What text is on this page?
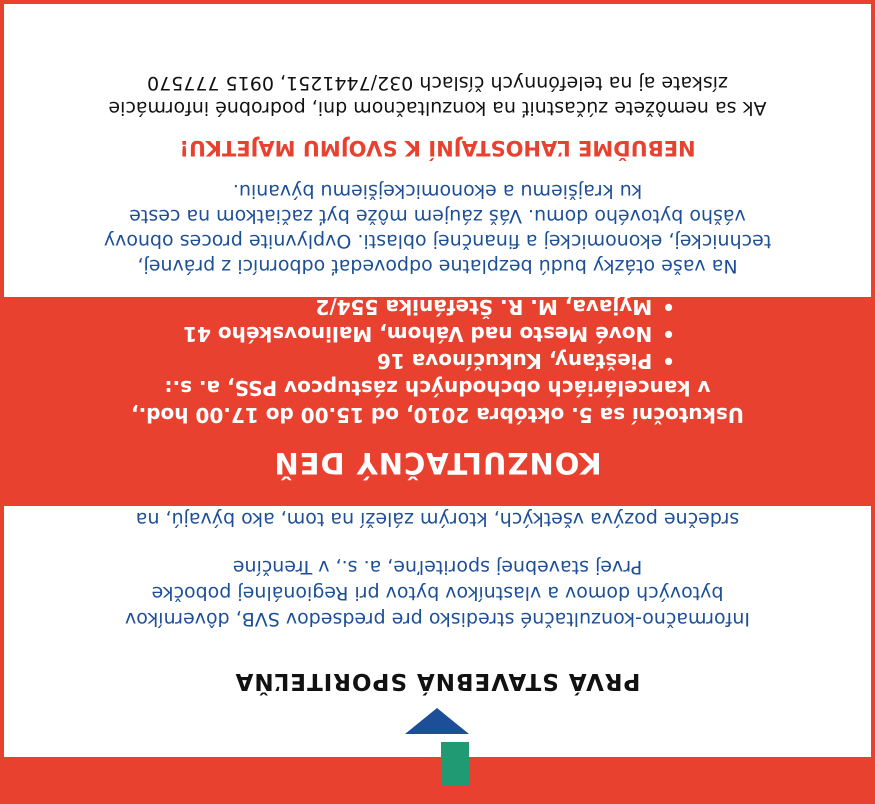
PRVÁ STAVEBNÁ SPORITEĽŇA
Informačno-konzultačné stredisko pre predsedov SVB, dôverníkov
bytových domov a vlastníkov bytov pri Regionálnej pobočke
Prvej stavebnej sporiteľne, a. s., v Trenčíne
srdečne pozýva všetkých, ktorým záleží na tom, ako bývajú, na
KONZULTAČNÝ DEŇ
Uskutoční sa 5. októbra 2010, od 15.00 do 17.00 hod.,
v kanceláriách obchodných zástupcov PSS, a. s.:
• Piešťany, Kukučínova 16
• Nové Mesto nad Váhom, Malinovského 41
• Myjava, M. R. Štefánika 554/2
Na vaše otázky budú bezplatne odpovedať odborníci z právnej,
technickej, ekonomickej a finančnej oblasti. Ovplyvnite proces obnovy
vášho bytového domu. Váš záujem môže byť začiatkom na ceste
ku krajšiemu a ekonomickejšiemu bývaniu.
NEBUĎME ĽAHOSTAJNÍ K SVOJMU MAJETKU!
Ak sa nemôžete zúčastniť na konzultačnom dni, podrobné informácie
získate aj na telefónnych číslach 032/7441251, 0915 777570
